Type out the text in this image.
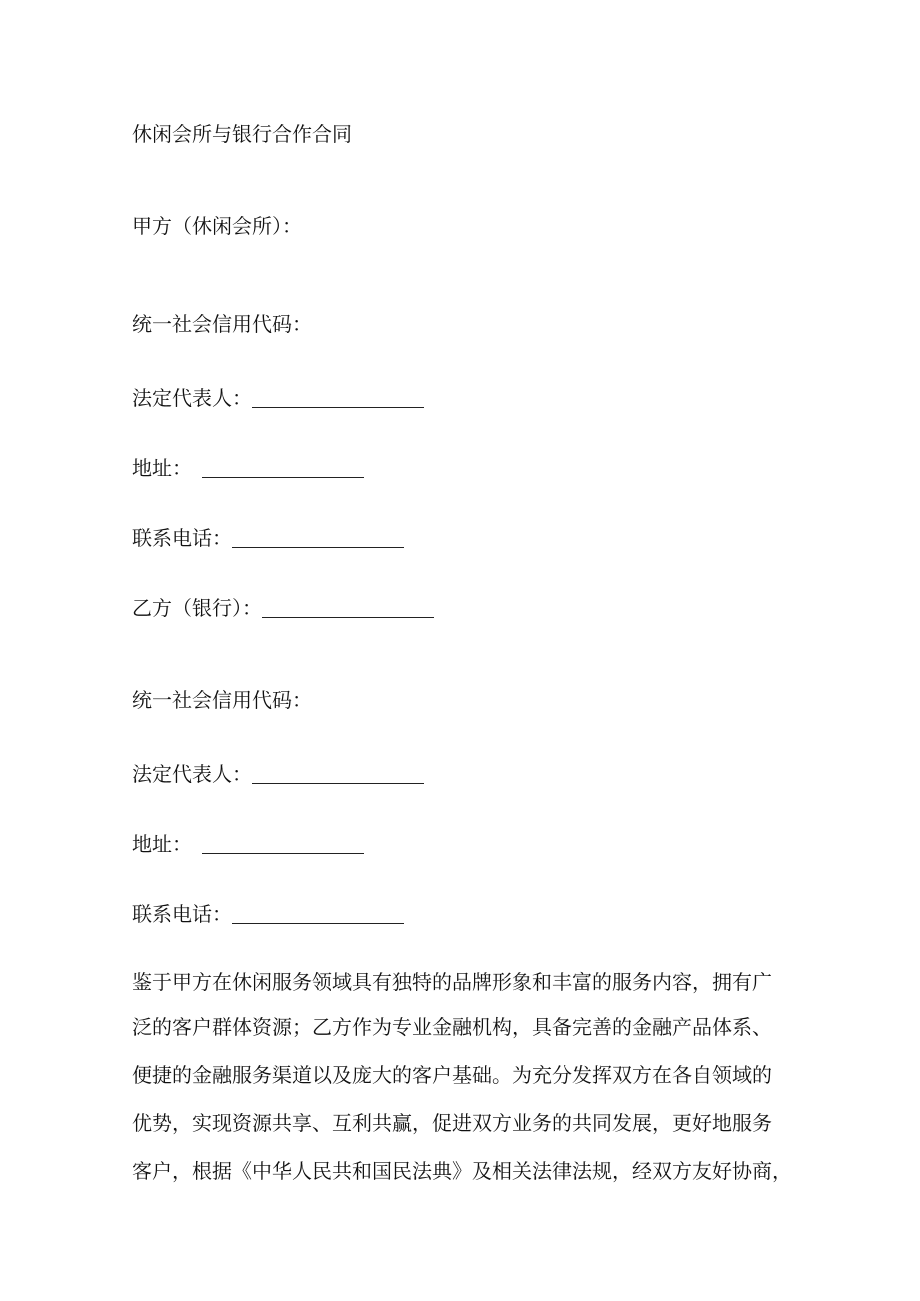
休闲会所与银行合作合同
甲方（休闲会所）：
统一社会信用代码：
法定代表人：
地址：
联系电话：
乙方（银行）：
统一社会信用代码：
法定代表人：
地址：
联系电话：
鉴于甲方在休闲服务领域具有独特的品牌形象和丰富的服务内容，拥有广
泛的客户群体资源；乙方作为专业金融机构，具备完善的金融产品体系、
便捷的金融服务渠道以及庞大的客户基础。为充分发挥双方在各自领域的
优势，实现资源共享、互利共赢，促进双方业务的共同发展，更好地服务
客户，根据《中华人民共和国民法典》及相关法律法规，经双方友好协商，
